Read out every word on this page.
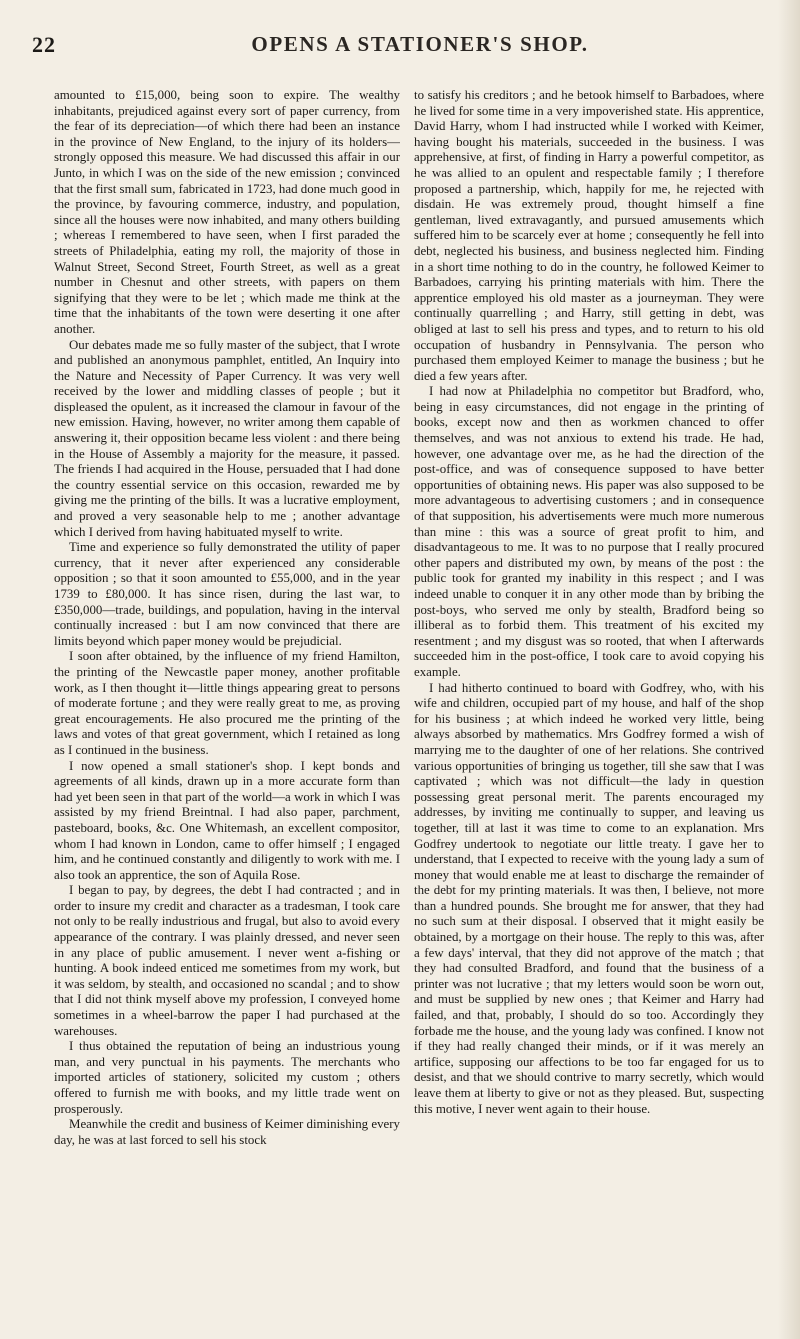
22	OPENS A STATIONER'S SHOP.

amounted to £15,000, being soon to expire. The wealthy inhabitants, prejudiced against every sort of paper currency, from the fear of its depreciation—of which there had been an instance in the province of New England, to the injury of its holders—strongly opposed this measure. We had discussed this affair in our Junto, in which I was on the side of the new emission ; convinced that the first small sum, fabricated in 1723, had done much good in the province, by favouring commerce, industry, and population, since all the houses were now inhabited, and many others building ; whereas I remembered to have seen, when I first paraded the streets of Philadelphia, eating my roll, the majority of those in Walnut Street, Second Street, Fourth Street, as well as a great number in Chesnut and other streets, with papers on them signifying that they were to be let ; which made me think at the time that the inhabitants of the town were deserting it one after another.

Our debates made me so fully master of the subject, that I wrote and published an anonymous pamphlet, entitled, An Inquiry into the Nature and Necessity of Paper Currency. It was very well received by the lower and middling classes of people ; but it displeased the opulent, as it increased the clamour in favour of the new emission. Having, however, no writer among them capable of answering it, their opposition became less violent : and there being in the House of Assembly a majority for the measure, it passed. The friends I had acquired in the House, persuaded that I had done the country essential service on this occasion, rewarded me by giving me the printing of the bills. It was a lucrative employment, and proved a very seasonable help to me ; another advantage which I derived from having habituated myself to write.

Time and experience so fully demonstrated the utility of paper currency, that it never after experienced any considerable opposition ; so that it soon amounted to £55,000, and in the year 1739 to £80,000. It has since risen, during the last war, to £350,000—trade, buildings, and population, having in the interval continually increased : but I am now convinced that there are limits beyond which paper money would be prejudicial.

I soon after obtained, by the influence of my friend Hamilton, the printing of the Newcastle paper money, another profitable work, as I then thought it—little things appearing great to persons of moderate fortune ; and they were really great to me, as proving great encouragements. He also procured me the printing of the laws and votes of that great government, which I retained as long as I continued in the business.

I now opened a small stationer's shop. I kept bonds and agreements of all kinds, drawn up in a more accurate form than had yet been seen in that part of the world—a work in which I was assisted by my friend Breintnal. I had also paper, parchment, pasteboard, books, &c. One Whitemash, an excellent compositor, whom I had known in London, came to offer himself ; I engaged him, and he continued constantly and diligently to work with me. I also took an apprentice, the son of Aquila Rose.

I began to pay, by degrees, the debt I had contracted ; and in order to insure my credit and character as a tradesman, I took care not only to be really industrious and frugal, but also to avoid every appearance of the contrary. I was plainly dressed, and never seen in any place of public amusement. I never went a-fishing or hunting. A book indeed enticed me sometimes from my work, but it was seldom, by stealth, and occasioned no scandal ; and to show that I did not think myself above my profession, I conveyed home sometimes in a wheel-barrow the paper I had purchased at the warehouses.

I thus obtained the reputation of being an industrious young man, and very punctual in his payments. The merchants who imported articles of stationery, solicited my custom ; others offered to furnish me with books, and my little trade went on prosperously.

Meanwhile the credit and business of Keimer diminishing every day, he was at last forced to sell his stock

to satisfy his creditors ; and he betook himself to Barbadoes, where he lived for some time in a very impoverished state. His apprentice, David Harry, whom I had instructed while I worked with Keimer, having bought his materials, succeeded in the business. I was apprehensive, at first, of finding in Harry a powerful competitor, as he was allied to an opulent and respectable family ; I therefore proposed a partnership, which, happily for me, he rejected with disdain. He was extremely proud, thought himself a fine gentleman, lived extravagantly, and pursued amusements which suffered him to be scarcely ever at home ; consequently he fell into debt, neglected his business, and business neglected him. Finding in a short time nothing to do in the country, he followed Keimer to Barbadoes, carrying his printing materials with him. There the apprentice employed his old master as a journeyman. They were continually quarrelling ; and Harry, still getting in debt, was obliged at last to sell his press and types, and to return to his old occupation of husbandry in Pennsylvania. The person who purchased them employed Keimer to manage the business ; but he died a few years after.

I had now at Philadelphia no competitor but Bradford, who, being in easy circumstances, did not engage in the printing of books, except now and then as workmen chanced to offer themselves, and was not anxious to extend his trade. He had, however, one advantage over me, as he had the direction of the post-office, and was of consequence supposed to have better opportunities of obtaining news. His paper was also supposed to be more advantageous to advertising customers ; and in consequence of that supposition, his advertisements were much more numerous than mine : this was a source of great profit to him, and disadvantageous to me. It was to no purpose that I really procured other papers and distributed my own, by means of the post : the public took for granted my inability in this respect ; and I was indeed unable to conquer it in any other mode than by bribing the post-boys, who served me only by stealth, Bradford being so illiberal as to forbid them. This treatment of his excited my resentment ; and my disgust was so rooted, that when I afterwards succeeded him in the post-office, I took care to avoid copying his example.

I had hitherto continued to board with Godfrey, who, with his wife and children, occupied part of my house, and half of the shop for his business ; at which indeed he worked very little, being always absorbed by mathematics. Mrs Godfrey formed a wish of marrying me to the daughter of one of her relations. She contrived various opportunities of bringing us together, till she saw that I was captivated ; which was not difficult—the lady in question possessing great personal merit. The parents encouraged my addresses, by inviting me continually to supper, and leaving us together, till at last it was time to come to an explanation. Mrs Godfrey undertook to negotiate our little treaty. I gave her to understand, that I expected to receive with the young lady a sum of money that would enable me at least to discharge the remainder of the debt for my printing materials. It was then, I believe, not more than a hundred pounds. She brought me for answer, that they had no such sum at their disposal. I observed that it might easily be obtained, by a mortgage on their house. The reply to this was, after a few days' interval, that they did not approve of the match ; that they had consulted Bradford, and found that the business of a printer was not lucrative ; that my letters would soon be worn out, and must be supplied by new ones ; that Keimer and Harry had failed, and that, probably, I should do so too. Accordingly they forbade me the house, and the young lady was confined. I know not if they had really changed their minds, or if it was merely an artifice, supposing our affections to be too far engaged for us to desist, and that we should contrive to marry secretly, which would leave them at liberty to give or not as they pleased. But, suspecting this motive, I never went again to their house.
